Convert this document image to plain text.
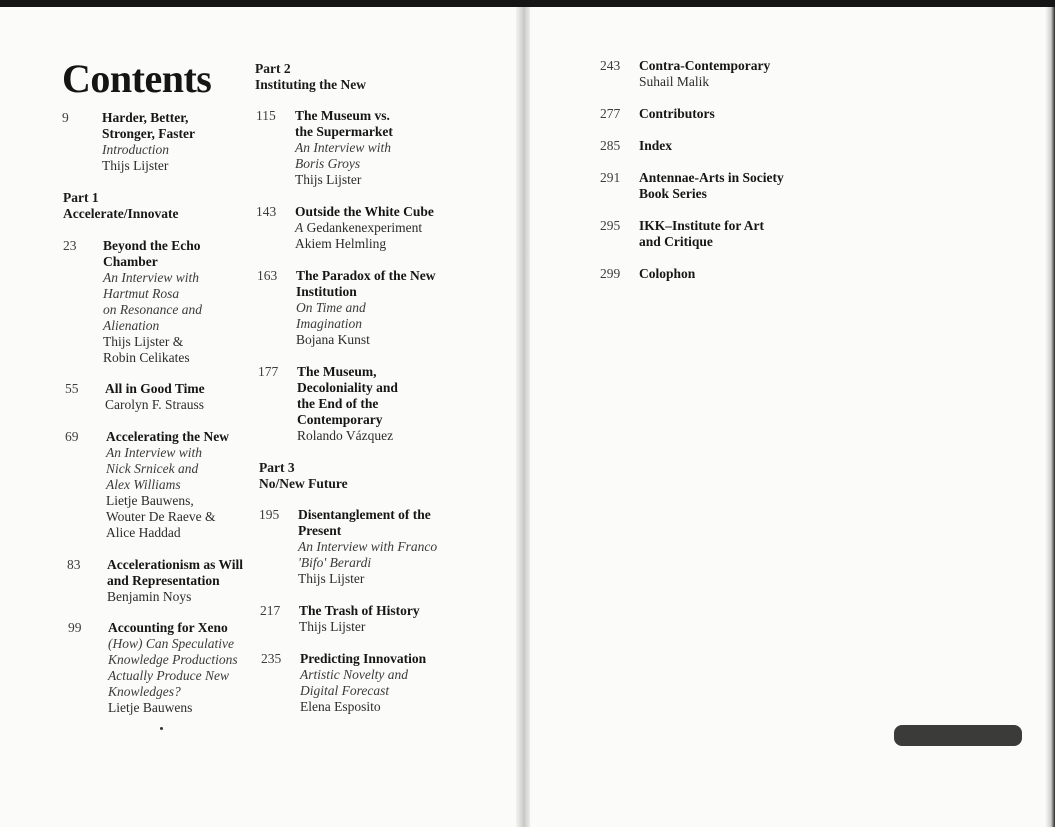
Contents
9	Harder, Better,
Stronger, Faster
Introduction
Thijs Lijster
Part 1
Accelerate/Innovate
23	Beyond the Echo
Chamber
An Interview with
Hartmut Rosa
on Resonance and
Alienation
Thijs Lijster &
Robin Celikates
55	All in Good Time
Carolyn F. Strauss
69	Accelerating the New
An Interview with
Nick Srnicek and
Alex Williams
Lietje Bauwens,
Wouter De Raeve &
Alice Haddad
83	Accelerationism as Will
and Representation
Benjamin Noys
99	Accounting for Xeno
(How) Can Speculative
Knowledge Productions
Actually Produce New
Knowledges?
Lietje Bauwens
Part 2
Instituting the New
115	The Museum vs.
the Supermarket
An Interview with
Boris Groys
Thijs Lijster
143	Outside the White Cube
A Gedankenexperiment
Akiem Helmling
163	The Paradox of the New
Institution
On Time and
Imagination
Bojana Kunst
177	The Museum,
Decoloniality and
the End of the
Contemporary
Rolando Vázquez
Part 3
No/New Future
195	Disentanglement of the
Present
An Interview with Franco
'Bifo' Berardi
Thijs Lijster
217	The Trash of History
Thijs Lijster
235	Predicting Innovation
Artistic Novelty and
Digital Forecast
Elena Esposito
243	Contra-Contemporary
Suhail Malik
277	Contributors
285	Index
291	Antennae-Arts in Society
Book Series
295	IKK–Institute for Art
and Critique
299	Colophon
